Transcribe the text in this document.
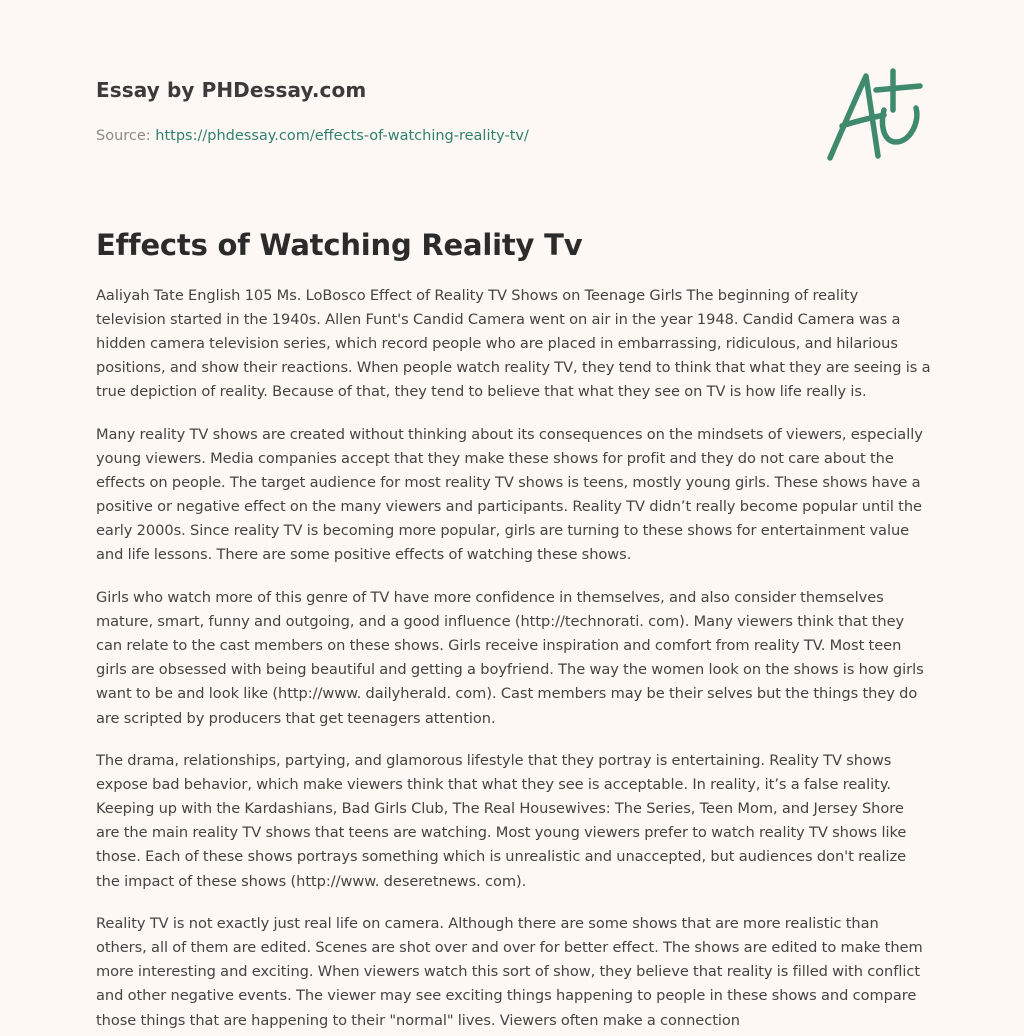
Essay by PHDessay.com
Source: https://phdessay.com/effects-of-watching-reality-tv/
Effects of Watching Reality Tv

Aaliyah Tate English 105 Ms. LoBosco Effect of Reality TV Shows on Teenage Girls The beginning of reality television started in the 1940s. Allen Funt's Candid Camera went on air in the year 1948. Candid Camera was a hidden camera television series, which record people who are placed in embarrassing, ridiculous, and hilarious positions, and show their reactions. When people watch reality TV, they tend to think that what they are seeing is a true depiction of reality. Because of that, they tend to believe that what they see on TV is how life really is.

Many reality TV shows are created without thinking about its consequences on the mindsets of viewers, especially young viewers. Media companies accept that they make these shows for profit and they do not care about the effects on people. The target audience for most reality TV shows is teens, mostly young girls. These shows have a positive or negative effect on the many viewers and participants. Reality TV didn’t really become popular until the early 2000s. Since reality TV is becoming more popular, girls are turning to these shows for entertainment value and life lessons. There are some positive effects of watching these shows.

Girls who watch more of this genre of TV have more confidence in themselves, and also consider themselves mature, smart, funny and outgoing, and a good influence (http://technorati. com). Many viewers think that they can relate to the cast members on these shows. Girls receive inspiration and comfort from reality TV. Most teen girls are obsessed with being beautiful and getting a boyfriend. The way the women look on the shows is how girls want to be and look like (http://www. dailyherald. com). Cast members may be their selves but the things they do are scripted by producers that get teenagers attention.

The drama, relationships, partying, and glamorous lifestyle that they portray is entertaining. Reality TV shows expose bad behavior, which make viewers think that what they see is acceptable. In reality, it’s a false reality. Keeping up with the Kardashians, Bad Girls Club, The Real Housewives: The Series, Teen Mom, and Jersey Shore are the main reality TV shows that teens are watching. Most young viewers prefer to watch reality TV shows like those. Each of these shows portrays something which is unrealistic and unaccepted, but audiences don't realize the impact of these shows (http://www. deseretnews. com).

Reality TV is not exactly just real life on camera. Although there are some shows that are more realistic than others, all of them are edited. Scenes are shot over and over for better effect. The shows are edited to make them more interesting and exciting. When viewers watch this sort of show, they believe that reality is filled with conflict and other negative events. The viewer may see exciting things happening to people in these shows and compare those things that are happening to their "normal" lives. Viewers often make a connection
